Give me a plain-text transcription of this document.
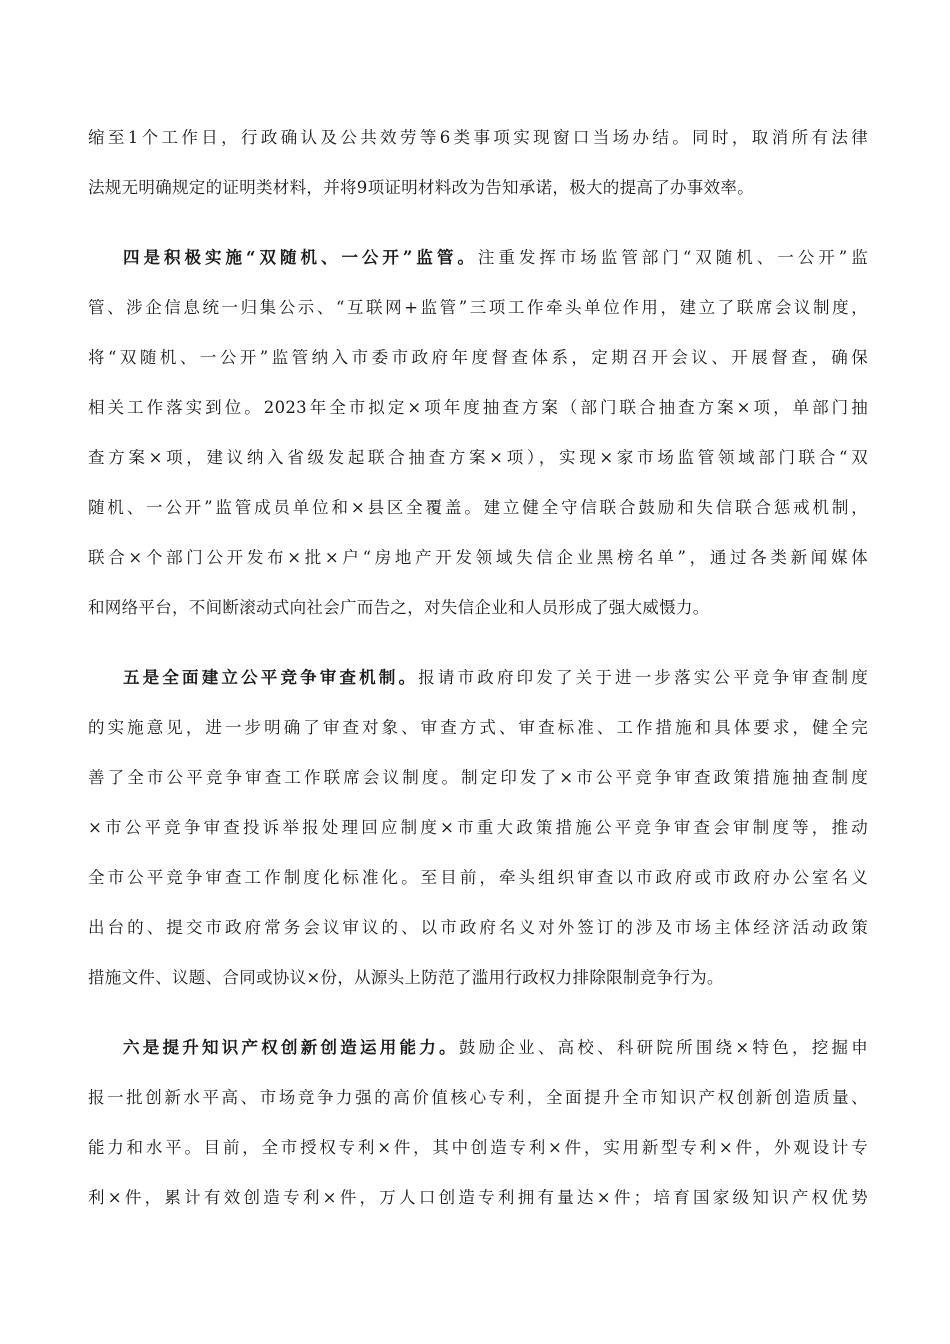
缩至1个工作日，行政确认及公共效劳等6类事项实现窗口当场办结。同时，取消所有法律
法规无明确规定的证明类材料，并将9项证明材料改为告知承诺，极大的提高了办事效率。
四是积极实施“双随机、一公开”监管。注重发挥市场监管部门“双随机、一公开”监
管、涉企信息统一归集公示、“互联网+监管”三项工作牵头单位作用，建立了联席会议制度，
将“双随机、一公开”监管纳入市委市政府年度督查体系，定期召开会议、开展督查，确保
相关工作落实到位。2023年全市拟定×项年度抽查方案（部门联合抽查方案×项，单部门抽
查方案×项，建议纳入省级发起联合抽查方案×项），实现×家市场监管领域部门联合“双
随机、一公开”监管成员单位和×县区全覆盖。建立健全守信联合鼓励和失信联合惩戒机制，
联合×个部门公开发布×批×户“房地产开发领域失信企业黑榜名单”，通过各类新闻媒体
和网络平台，不间断滚动式向社会广而告之，对失信企业和人员形成了强大威慑力。
五是全面建立公平竞争审查机制。报请市政府印发了关于进一步落实公平竞争审查制度
的实施意见，进一步明确了审查对象、审查方式、审查标准、工作措施和具体要求，健全完
善了全市公平竞争审查工作联席会议制度。制定印发了×市公平竞争审查政策措施抽查制度
×市公平竞争审查投诉举报处理回应制度×市重大政策措施公平竞争审查会审制度等，推动
全市公平竞争审查工作制度化标准化。至目前，牵头组织审查以市政府或市政府办公室名义
出台的、提交市政府常务会议审议的、以市政府名义对外签订的涉及市场主体经济活动政策
措施文件、议题、合同或协议×份，从源头上防范了滥用行政权力排除限制竞争行为。
六是提升知识产权创新创造运用能力。鼓励企业、高校、科研院所围绕×特色，挖掘申
报一批创新水平高、市场竞争力强的高价值核心专利，全面提升全市知识产权创新创造质量、
能力和水平。目前，全市授权专利×件，其中创造专利×件，实用新型专利×件，外观设计专
利×件，累计有效创造专利×件，万人口创造专利拥有量达×件；培育国家级知识产权优势
